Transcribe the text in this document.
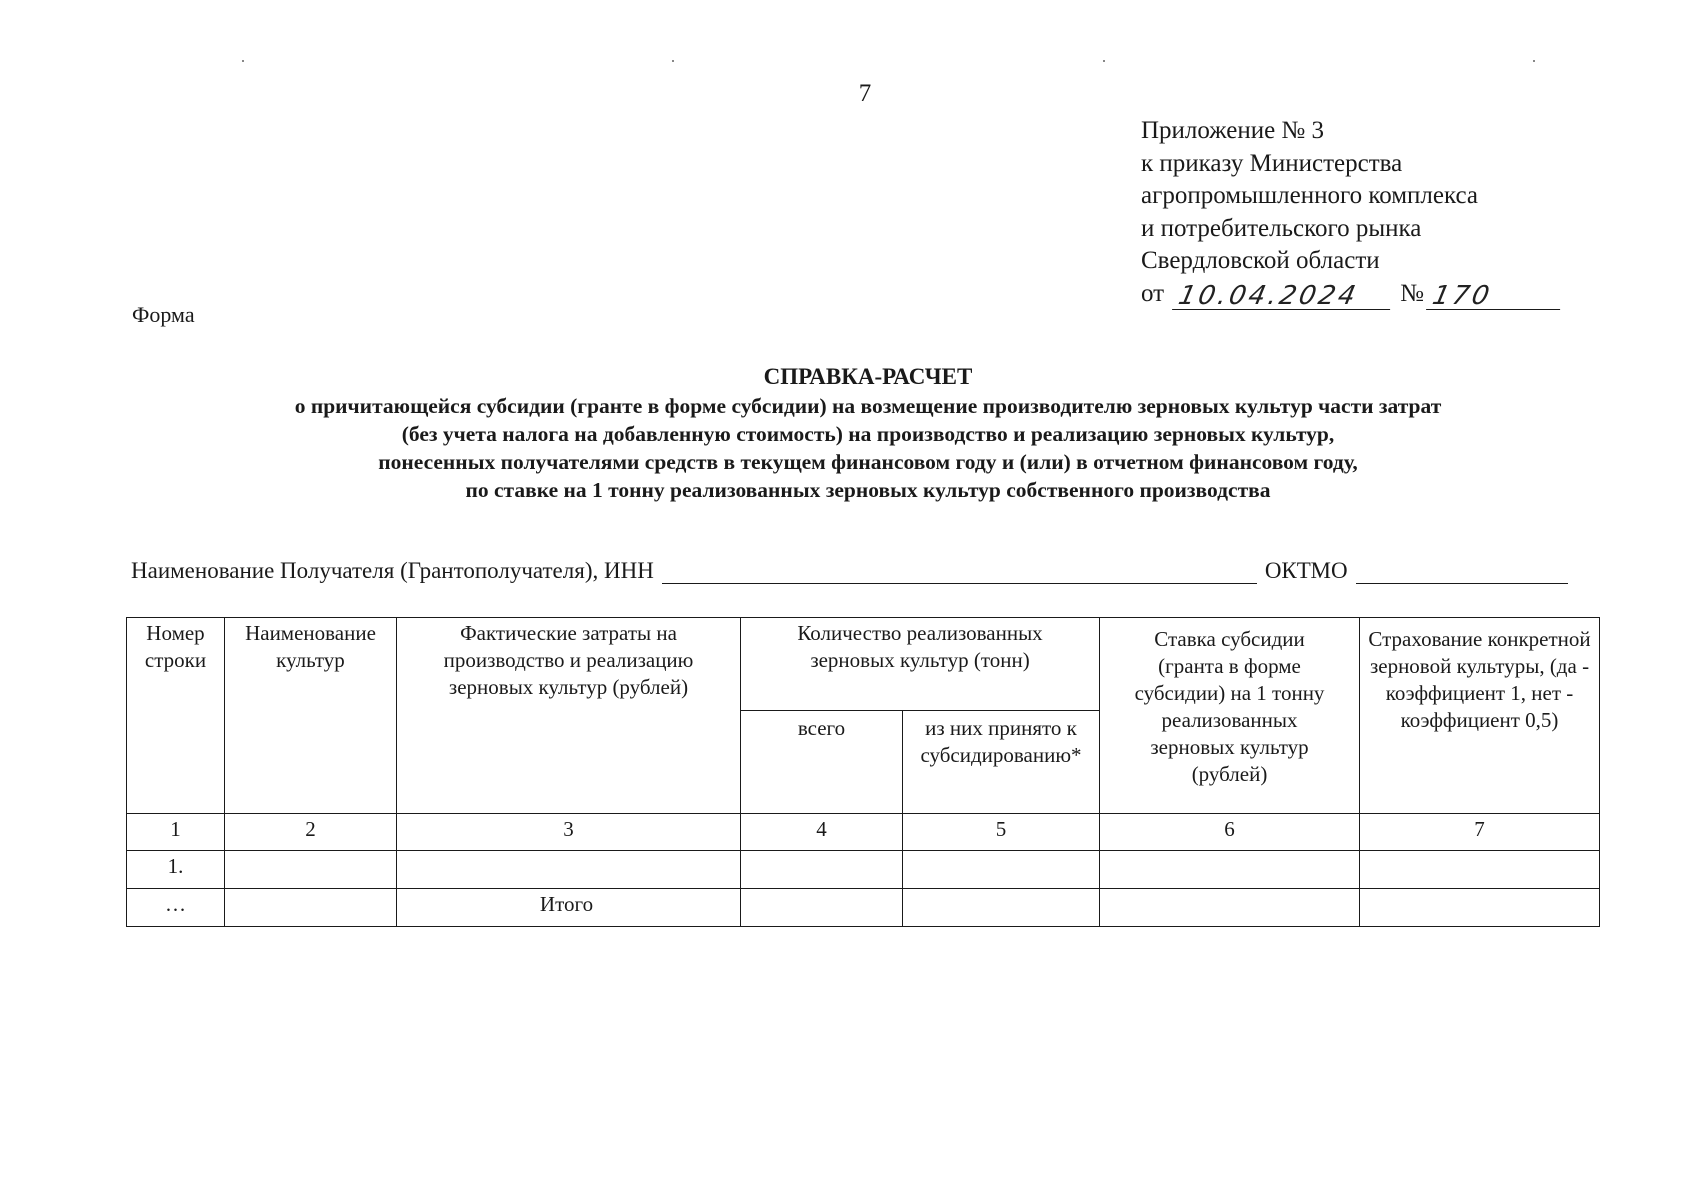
7
Приложение № 3
к приказу Министерства
агропромышленного комплекса
и потребительского рынка
Свердловской области
от 10.04.2024	№ 170
Форма
СПРАВКА-РАСЧЕТ
о причитающейся субсидии (гранте в форме субсидии) на возмещение производителю зерновых культур части затрат
(без учета налога на добавленную стоимость) на производство и реализацию зерновых культур,
понесенных получателями средств в текущем финансовом году и (или) в отчетном финансовом году,
по ставке на 1 тонну реализованных зерновых культур собственного производства
Наименование Получателя (Грантополучателя), ИНН	ОКТМО
Номер строки	Наименование культур	Фактические затраты на производство и реализацию зерновых культур (рублей)	Количество реализованных зерновых культур (тонн)		Ставка субсидии (гранта в форме субсидии) на 1 тонну реализованных зерновых культур (рублей)	Страхование конкретной зерновой культуры, (да - коэффициент 1, нет - коэффициент 0,5)
			всего	из них принято к субсидированию*		
1	2	3	4	5	6	7
1.						
…		Итого				
